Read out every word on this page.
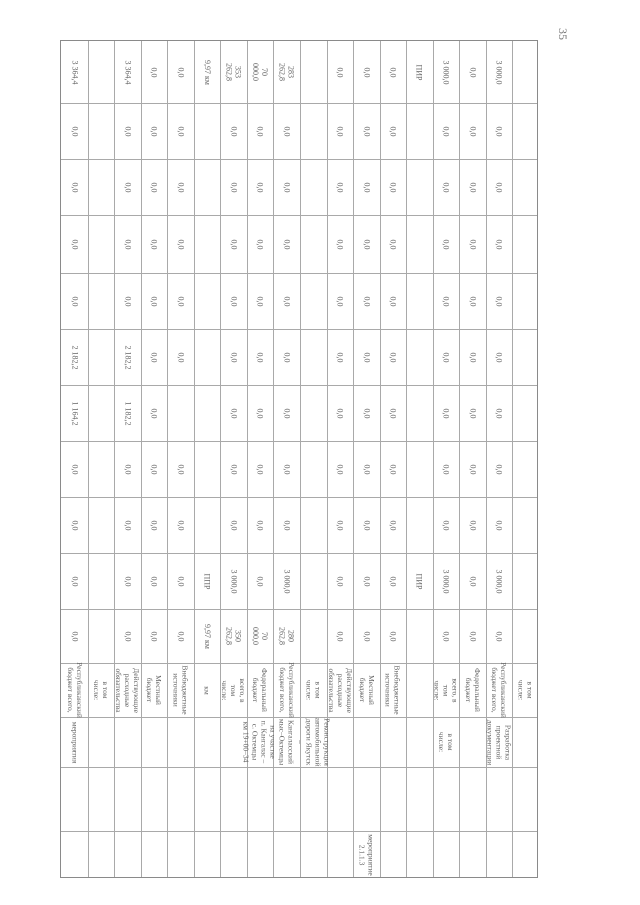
35
3 364,4
0,0
0,0
0,0
0,0
2 182,2
1 164,2
0,0
0,0
0,0
0,0
Республиканский
бюджет всего,
мероприятия
в том числе:
3 364,4
0,0
0,0
0,0
0,0
2 182,2
1 182,2
0,0
0,0
0,0
0,0
Действующие
расходные
обязательства
0,0
0,0
0,0
0,0
0,0
0,0
0,0
0,0
0,0
0,0
0,0
Местный бюджет
0,0
0,0
0,0
0,0
0,0
0,0
0,0
0,0
0,0
0,0
Внебюджетные
источники
9,97 км
ППР
9,97 км
км
353 262,8
0,0
0,0
0,0
0,0
0,0
0,0
0,0
0,0
3 000,0
350 262,8
всего, в том числе:
70 000,0
0,0
0,0
0,0
0,0
0,0
0,0
0,0
0,0
0,0
70 000,0
Федеральный
бюджет
283 262,8
0,0
0,0
0,0
0,0
0,0
0,0
0,0
0,0
3 000,0
280 262,8
Республиканский
бюджет всего,
Реконструкция
автомобильной
дороги Якутск –
Кангаласский
мыс–Октемцы
на участке
п. Кангалас –
с. Октемцы
км 19+00–34
в том числе:
0,0
0,0
0,0
0,0
0,0
0,0
0,0
0,0
0,0
0,0
0,0
Действующие
расходные
обязательства
0,0
0,0
0,0
0,0
0,0
0,0
0,0
0,0
0,0
0,0
0,0
Местный бюджет
мероприятие
2.1.1.3
0,0
0,0
0,0
0,0
0,0
0,0
0,0
0,0
0,0
0,0
0,0
Внебюджетные
источники
ПИР
ПИР
3 000,0
0,0
0,0
0,0
0,0
0,0
0,0
0,0
0,0
3 000,0
0,0
всего, в том числе:
в том числе:
0,0
0,0
0,0
0,0
0,0
0,0
0,0
0,0
0,0
0,0
0,0
Федеральный
бюджет
3 000,0
0,0
0,0
0,0
0,0
0,0
0,0
0,0
0,0
3 000,0
0,0
Республиканский
бюджет всего,
Разработка
проектной
документации
в том числе:
